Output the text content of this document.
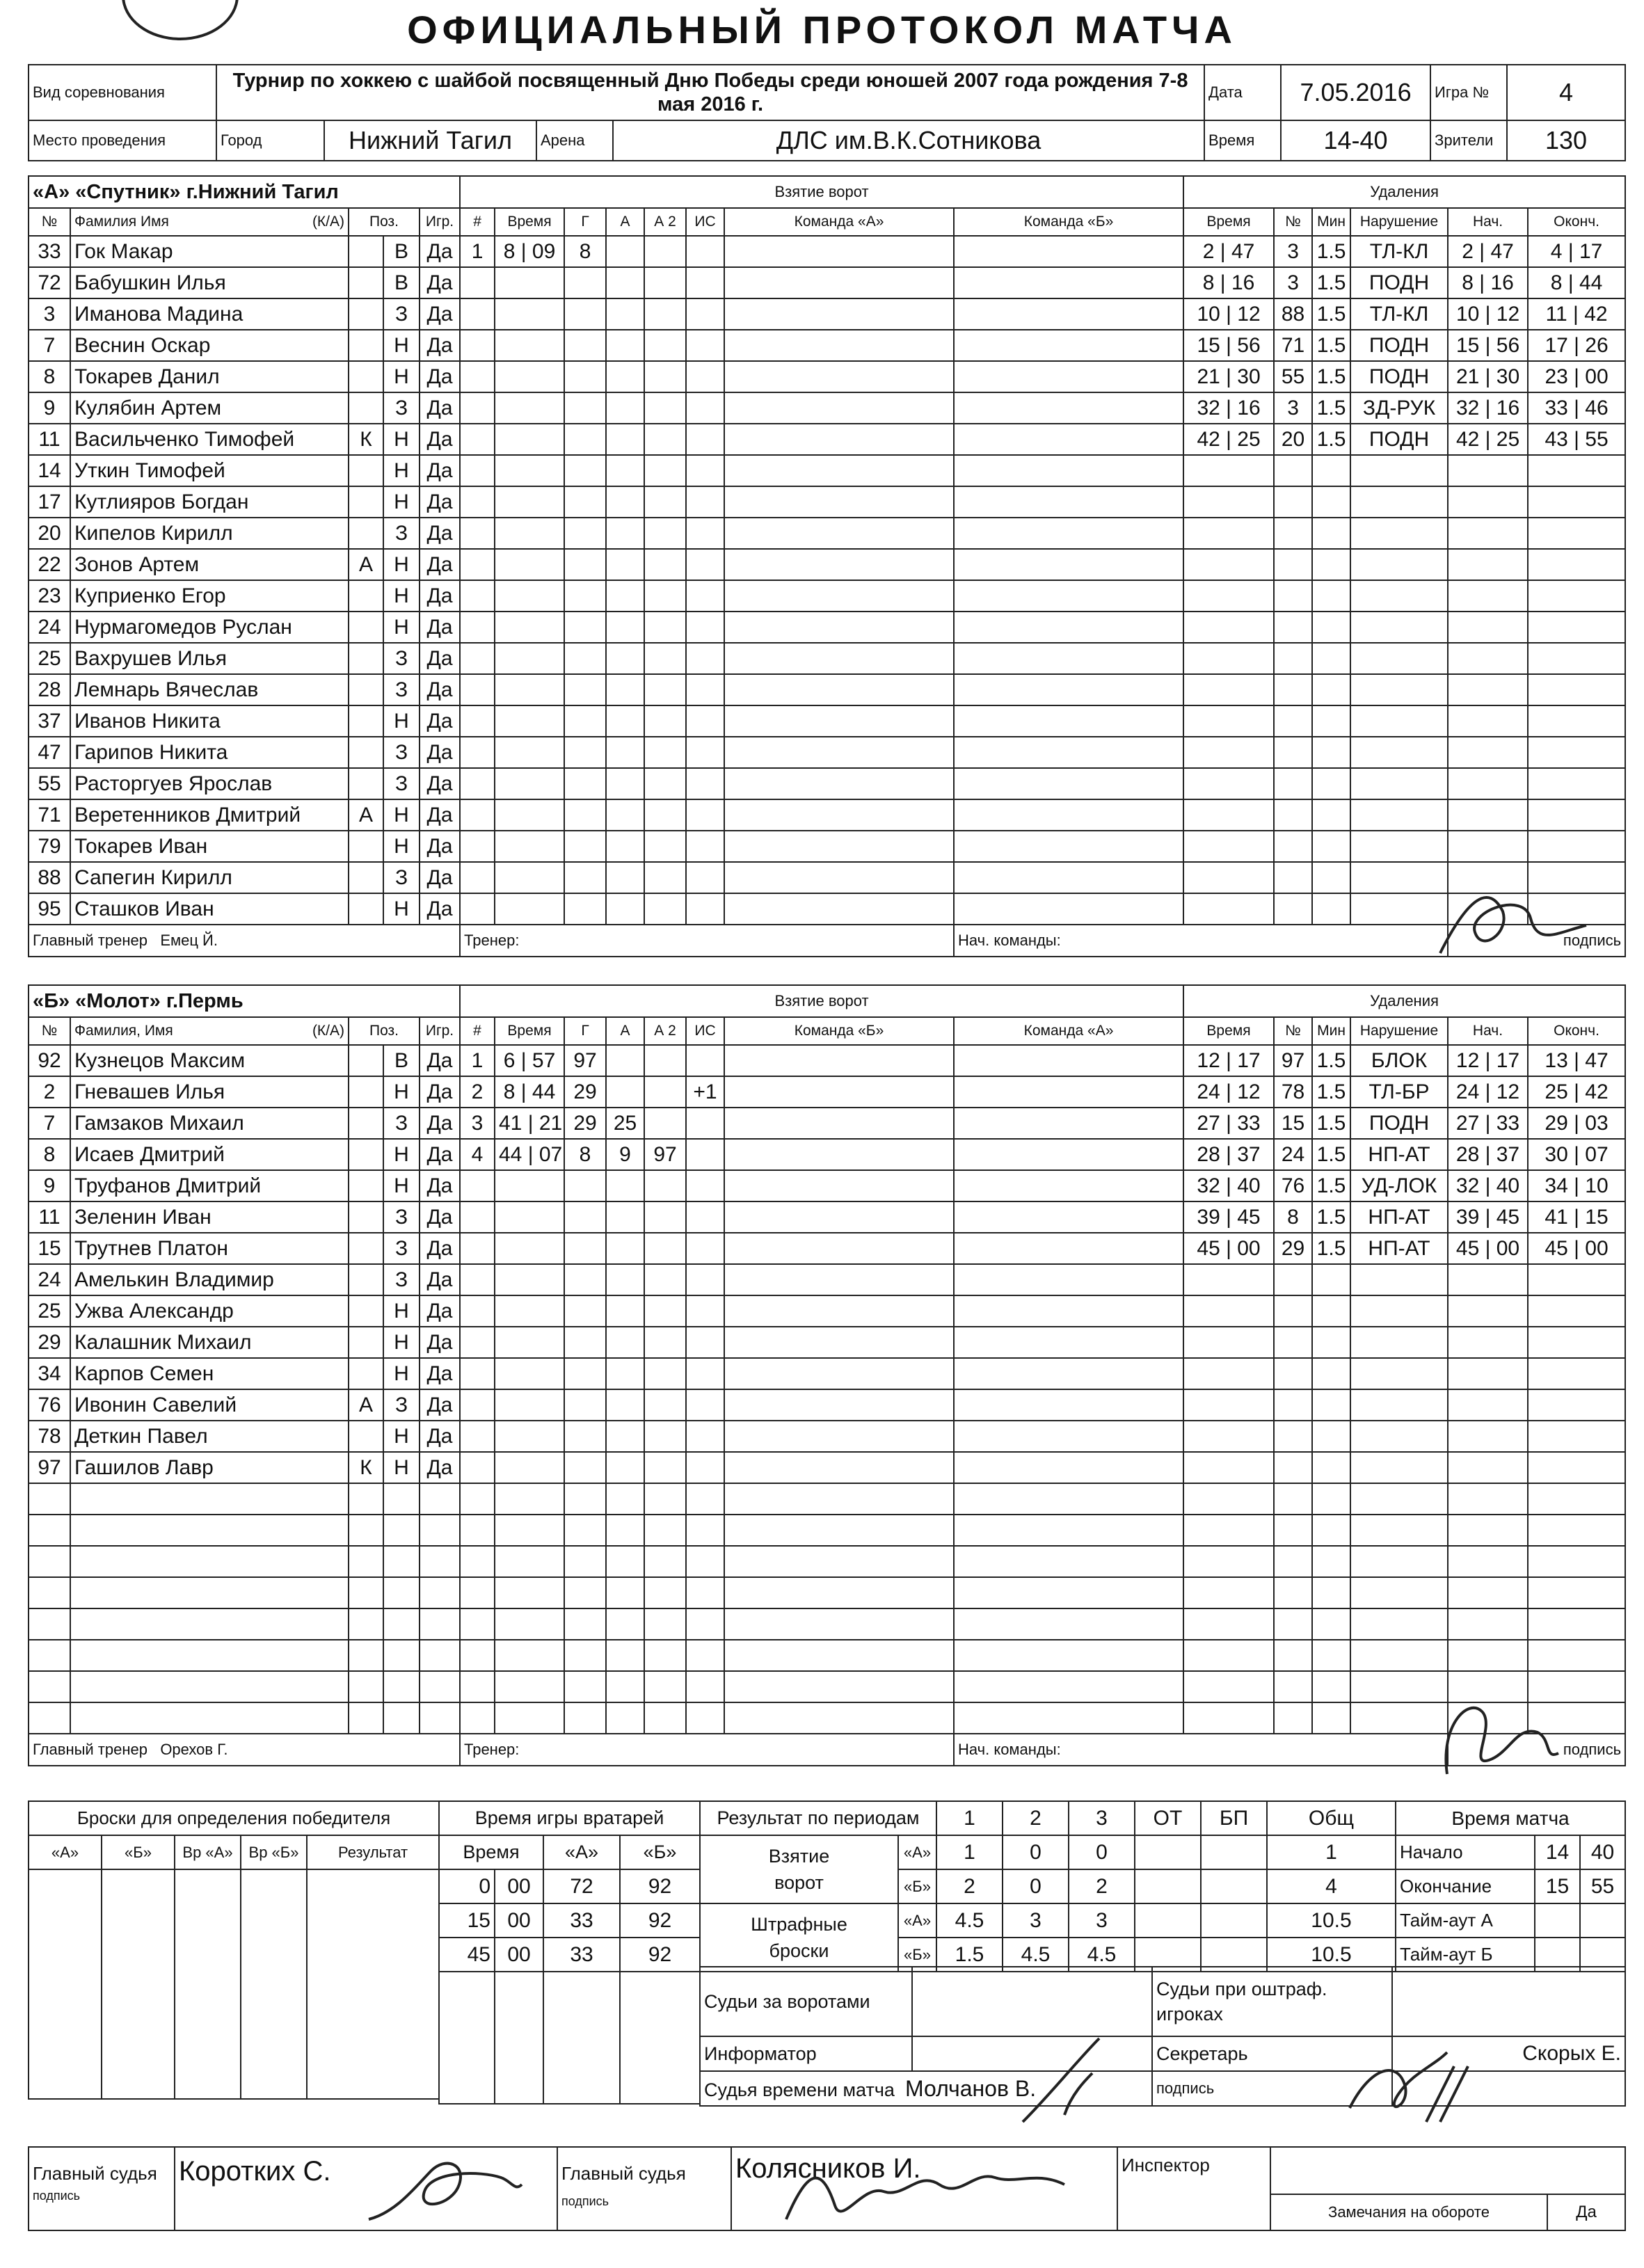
ОФИЦИАЛЬНЫЙ ПРОТОКОЛ МАТЧА
Вид соревнования	Турнир по хоккею с шайбой посвященный Дню Победы среди юношей 2007 года рождения 7-8 мая 2016 г.				Дата	7.05.2016	Игра №	4
Место проведения	Город	Нижний Тагил	Арена	ДЛС им.В.К.Сотникова	Время	14-40	Зрители	130
«А» «Спутник» г.Нижний Тагил					Взятие ворот								Удаления					
№	Фамилия Имя (К/А)	Поз.		Игр.	#	Время	Г	А	А 2	ИС	Команда «А»	Команда «Б»	Время	№	Мин	Нарушение	Нач.	Оконч.
33	Гок Макар		В	Да	1	8 | 09	8						2 | 47	3	1.5	ТЛ-КЛ	2 | 47	4 | 17
72	Бабушкин Илья		В	Да									8 | 16	3	1.5	ПОДН	8 | 16	8 | 44
3	Иманова Мадина		З	Да									10 | 12	88	1.5	ТЛ-КЛ	10 | 12	11 | 42
7	Веснин Оскар		Н	Да									15 | 56	71	1.5	ПОДН	15 | 56	17 | 26
8	Токарев Данил		Н	Да									21 | 30	55	1.5	ПОДН	21 | 30	23 | 00
9	Кулябин Артем		З	Да									32 | 16	3	1.5	ЗД-РУК	32 | 16	33 | 46
11	Васильченко Тимофей	К	Н	Да									42 | 25	20	1.5	ПОДН	42 | 25	43 | 55
14	Уткин Тимофей		Н	Да														
17	Кутлияров Богдан		Н	Да														
20	Кипелов Кирилл		З	Да														
22	Зонов Артем	А	Н	Да														
23	Куприенко Егор		Н	Да														
24	Нурмагомедов Руслан		Н	Да														
25	Вахрушев Илья		З	Да														
28	Лемнарь Вячеслав		З	Да														
37	Иванов Никита		Н	Да														
47	Гарипов Никита		З	Да														
55	Расторгуев Ярослав		З	Да														
71	Веретенников Дмитрий	А	Н	Да														
79	Токарев Иван		Н	Да														
88	Сапегин Кирилл		З	Да														
95	Сташков Иван		Н	Да														
Главный тренер Емец Й.					Тренер:							Нач. команды:					подпись	
«Б» «Молот» г.Пермь					Взятие ворот								Удаления					
№	Фамилия, Имя (К/А)	Поз.		Игр.	#	Время	Г	А	А 2	ИС	Команда «Б»	Команда «А»	Время	№	Мин	Нарушение	Нач.	Оконч.
92	Кузнецов Максим		В	Да	1	6 | 57	97						12 | 17	97	1.5	БЛОК	12 | 17	13 | 47
2	Гневашев Илья		Н	Да	2	8 | 44	29			+1			24 | 12	78	1.5	ТЛ-БР	24 | 12	25 | 42
7	Гамзаков Михаил		З	Да	3	41 | 21	29	25					27 | 33	15	1.5	ПОДН	27 | 33	29 | 03
8	Исаев Дмитрий		Н	Да	4	44 | 07	8	9	97				28 | 37	24	1.5	НП-АТ	28 | 37	30 | 07
9	Труфанов Дмитрий		Н	Да									32 | 40	76	1.5	УД-ЛОК	32 | 40	34 | 10
11	Зеленин Иван		З	Да									39 | 45	8	1.5	НП-АТ	39 | 45	41 | 15
15	Трутнев Платон		З	Да									45 | 00	29	1.5	НП-АТ	45 | 00	45 | 00
24	Амелькин Владимир		З	Да														
25	Ужва Александр		Н	Да														
29	Калашник Михаил		Н	Да														
34	Карпов Семен		Н	Да														
76	Ивонин Савелий	А	З	Да														
78	Деткин Павел		Н	Да														
97	Гашилов Лавр	К	Н	Да														

Главный тренер Орехов Г.					Тренер:							Нач. команды:					подпись	
Броски для определения победителя				
«А»	«Б»	Вр «А»	Вр «Б»	Результат

Время игры вратарей			
Время		«А»	«Б»
0	00	72	92
15	00	33	92
45	00	33	92

Результат по периодам		1	2	3	ОТ	БП	Общ
Взятие ворот	«А»	1	0	0			1
	«Б»	2	0	2			4
Штрафные броски	«А»	4.5	3	3			10.5
	«Б»	1.5	4.5	4.5			10.5
Время матча		
Начало	14	40
Окончание	15	55
Тайм-аут А		
Тайм-аут Б		
Судьи за воротами		Судьи при оштраф. игроках	
Информатор		Секретарь	Скорых Е.
Судья времени матча Молчанов В.		подпись	
Главный судья
подпись
	Коротких С.	Главный судья
подпись
	Колясников И.	Инспектор	
Замечания на обороте	Да
